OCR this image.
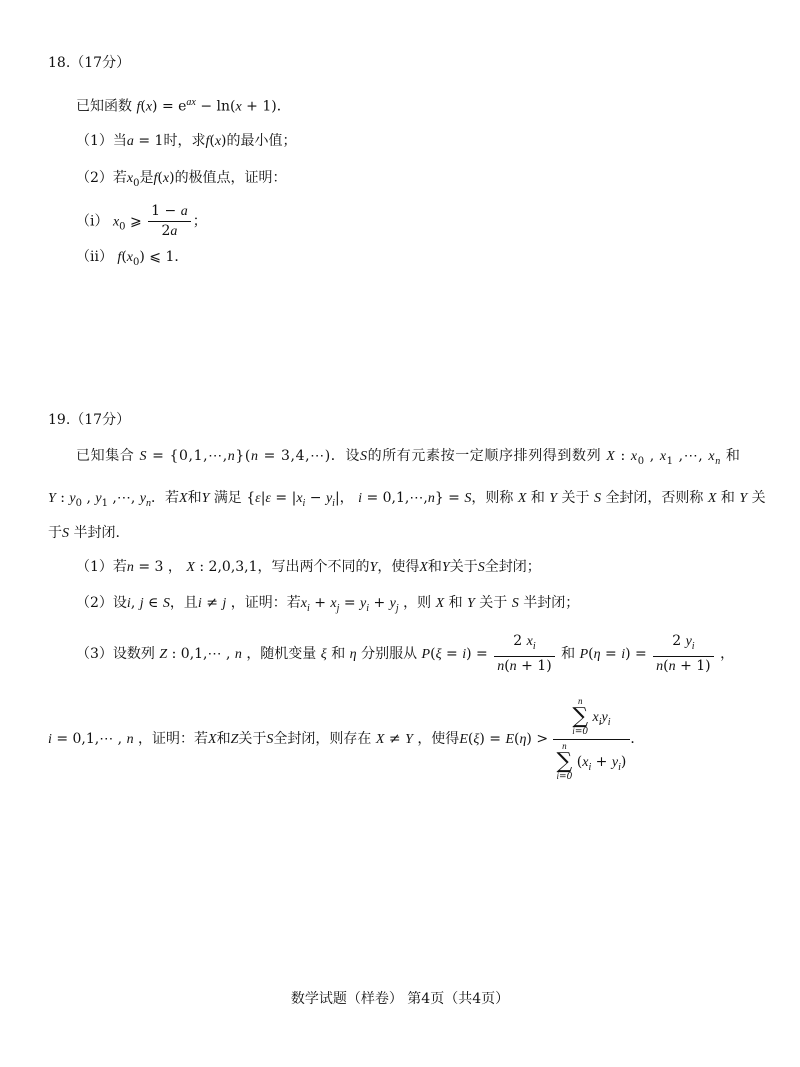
18.（17分）
已知函数 $f(x) = e^{ax} - \ln(x + 1)$．
（1）当a = 1时，求f(x)的最小值；
（2）若$x_0$是f(x)的极值点，证明：
（i） $x_0$ ⩾ $\frac{1 - a}{2a}$ ；
（ii） $f(x_0)$ ⩽ 1．
19.（17分）
已知集合 S = {0,1,⋯,n}(n = 3,4,⋯)．设S的所有元素按一定顺序排列得到数列 X : $x_0$ , $x_1$ ,⋯, $x_n$ 和
Y : $y_0$ , $y_1$ ,⋯, $y_n$．若X和Y 满足 {$\varepsilon|\varepsilon = |x_i - y_i|$， i = 0,1,⋯,n} = S，则称 X 和 Y 关于 S 全封闭，否则称 X 和 Y 关
于S 半封闭.
（1）若n = 3 ， X : 2,0,3,1，写出两个不同的Y，使得X和Y关于S全封闭；
（2）设i, j ∈ S，且i ≠ j ，证明：若$x_i + x_j = y_i + y_j$ ，则 X 和 Y 关于 S 半封闭；
（3）设数列 Z : 0,1,⋯ , n ，随机变量 ξ 和 η 分别服从 $P(\xi = i) = \frac{2 x_i}{n(n + 1)}$ 和 $P(\eta = i) = \frac{2 y_i}{n(n + 1)}$ ，
i = 0,1,⋯ , n ，证明：若X和Z关于S全封闭，则存在 X ≠ Y ，使得E(ξ) = E(η) > n
∑
i=0
$x_iy_i$
n
∑
i=0
$(x_i + y_i)$ ．
数学试题（样卷） 第4页（共4页）
